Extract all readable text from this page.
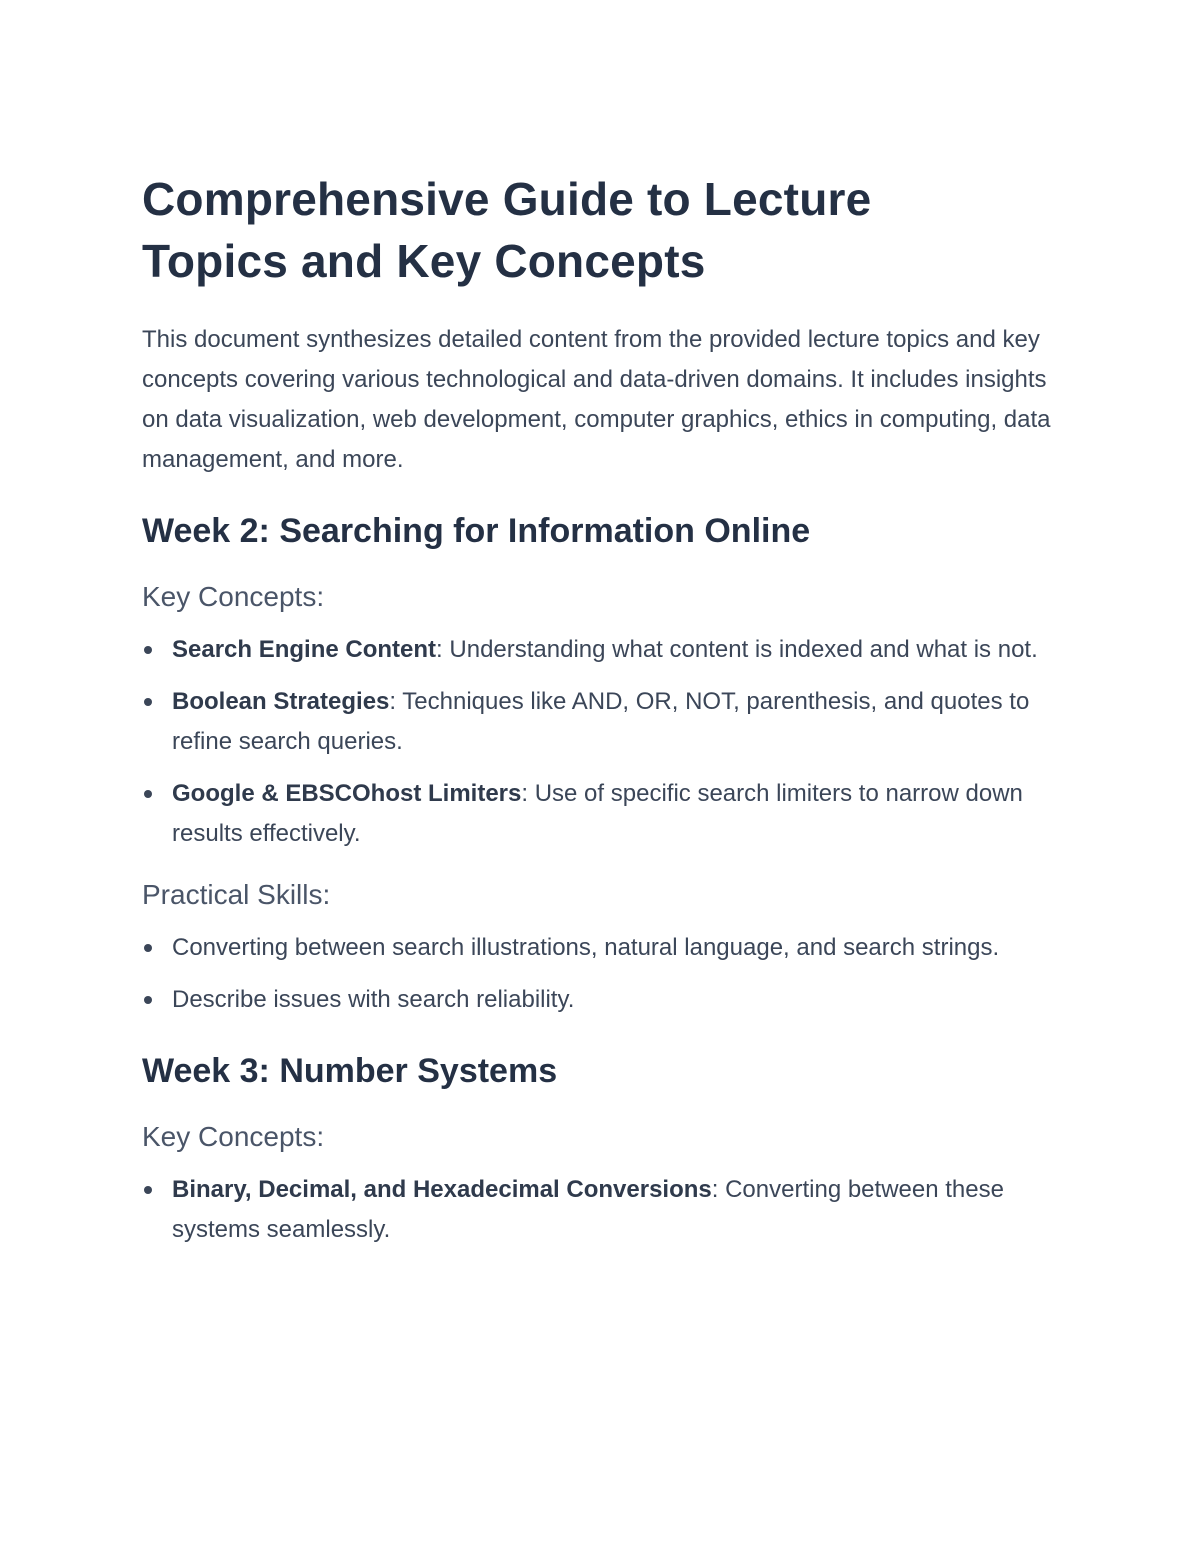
Comprehensive Guide to Lecture
Topics and Key Concepts

This document synthesizes detailed content from the provided lecture topics and key concepts covering various technological and data-driven domains. It includes insights on data visualization, web development, computer graphics, ethics in computing, data management, and more.

Week 2: Searching for Information Online
Key Concepts:
Search Engine Content: Understanding what content is indexed and what is not.
Boolean Strategies: Techniques like AND, OR, NOT, parenthesis, and quotes to refine search queries.
Google & EBSCOhost Limiters: Use of specific search limiters to narrow down results effectively.
Practical Skills:
Converting between search illustrations, natural language, and search strings.
Describe issues with search reliability.
Week 3: Number Systems
Key Concepts:
Binary, Decimal, and Hexadecimal Conversions: Converting between these systems seamlessly.
